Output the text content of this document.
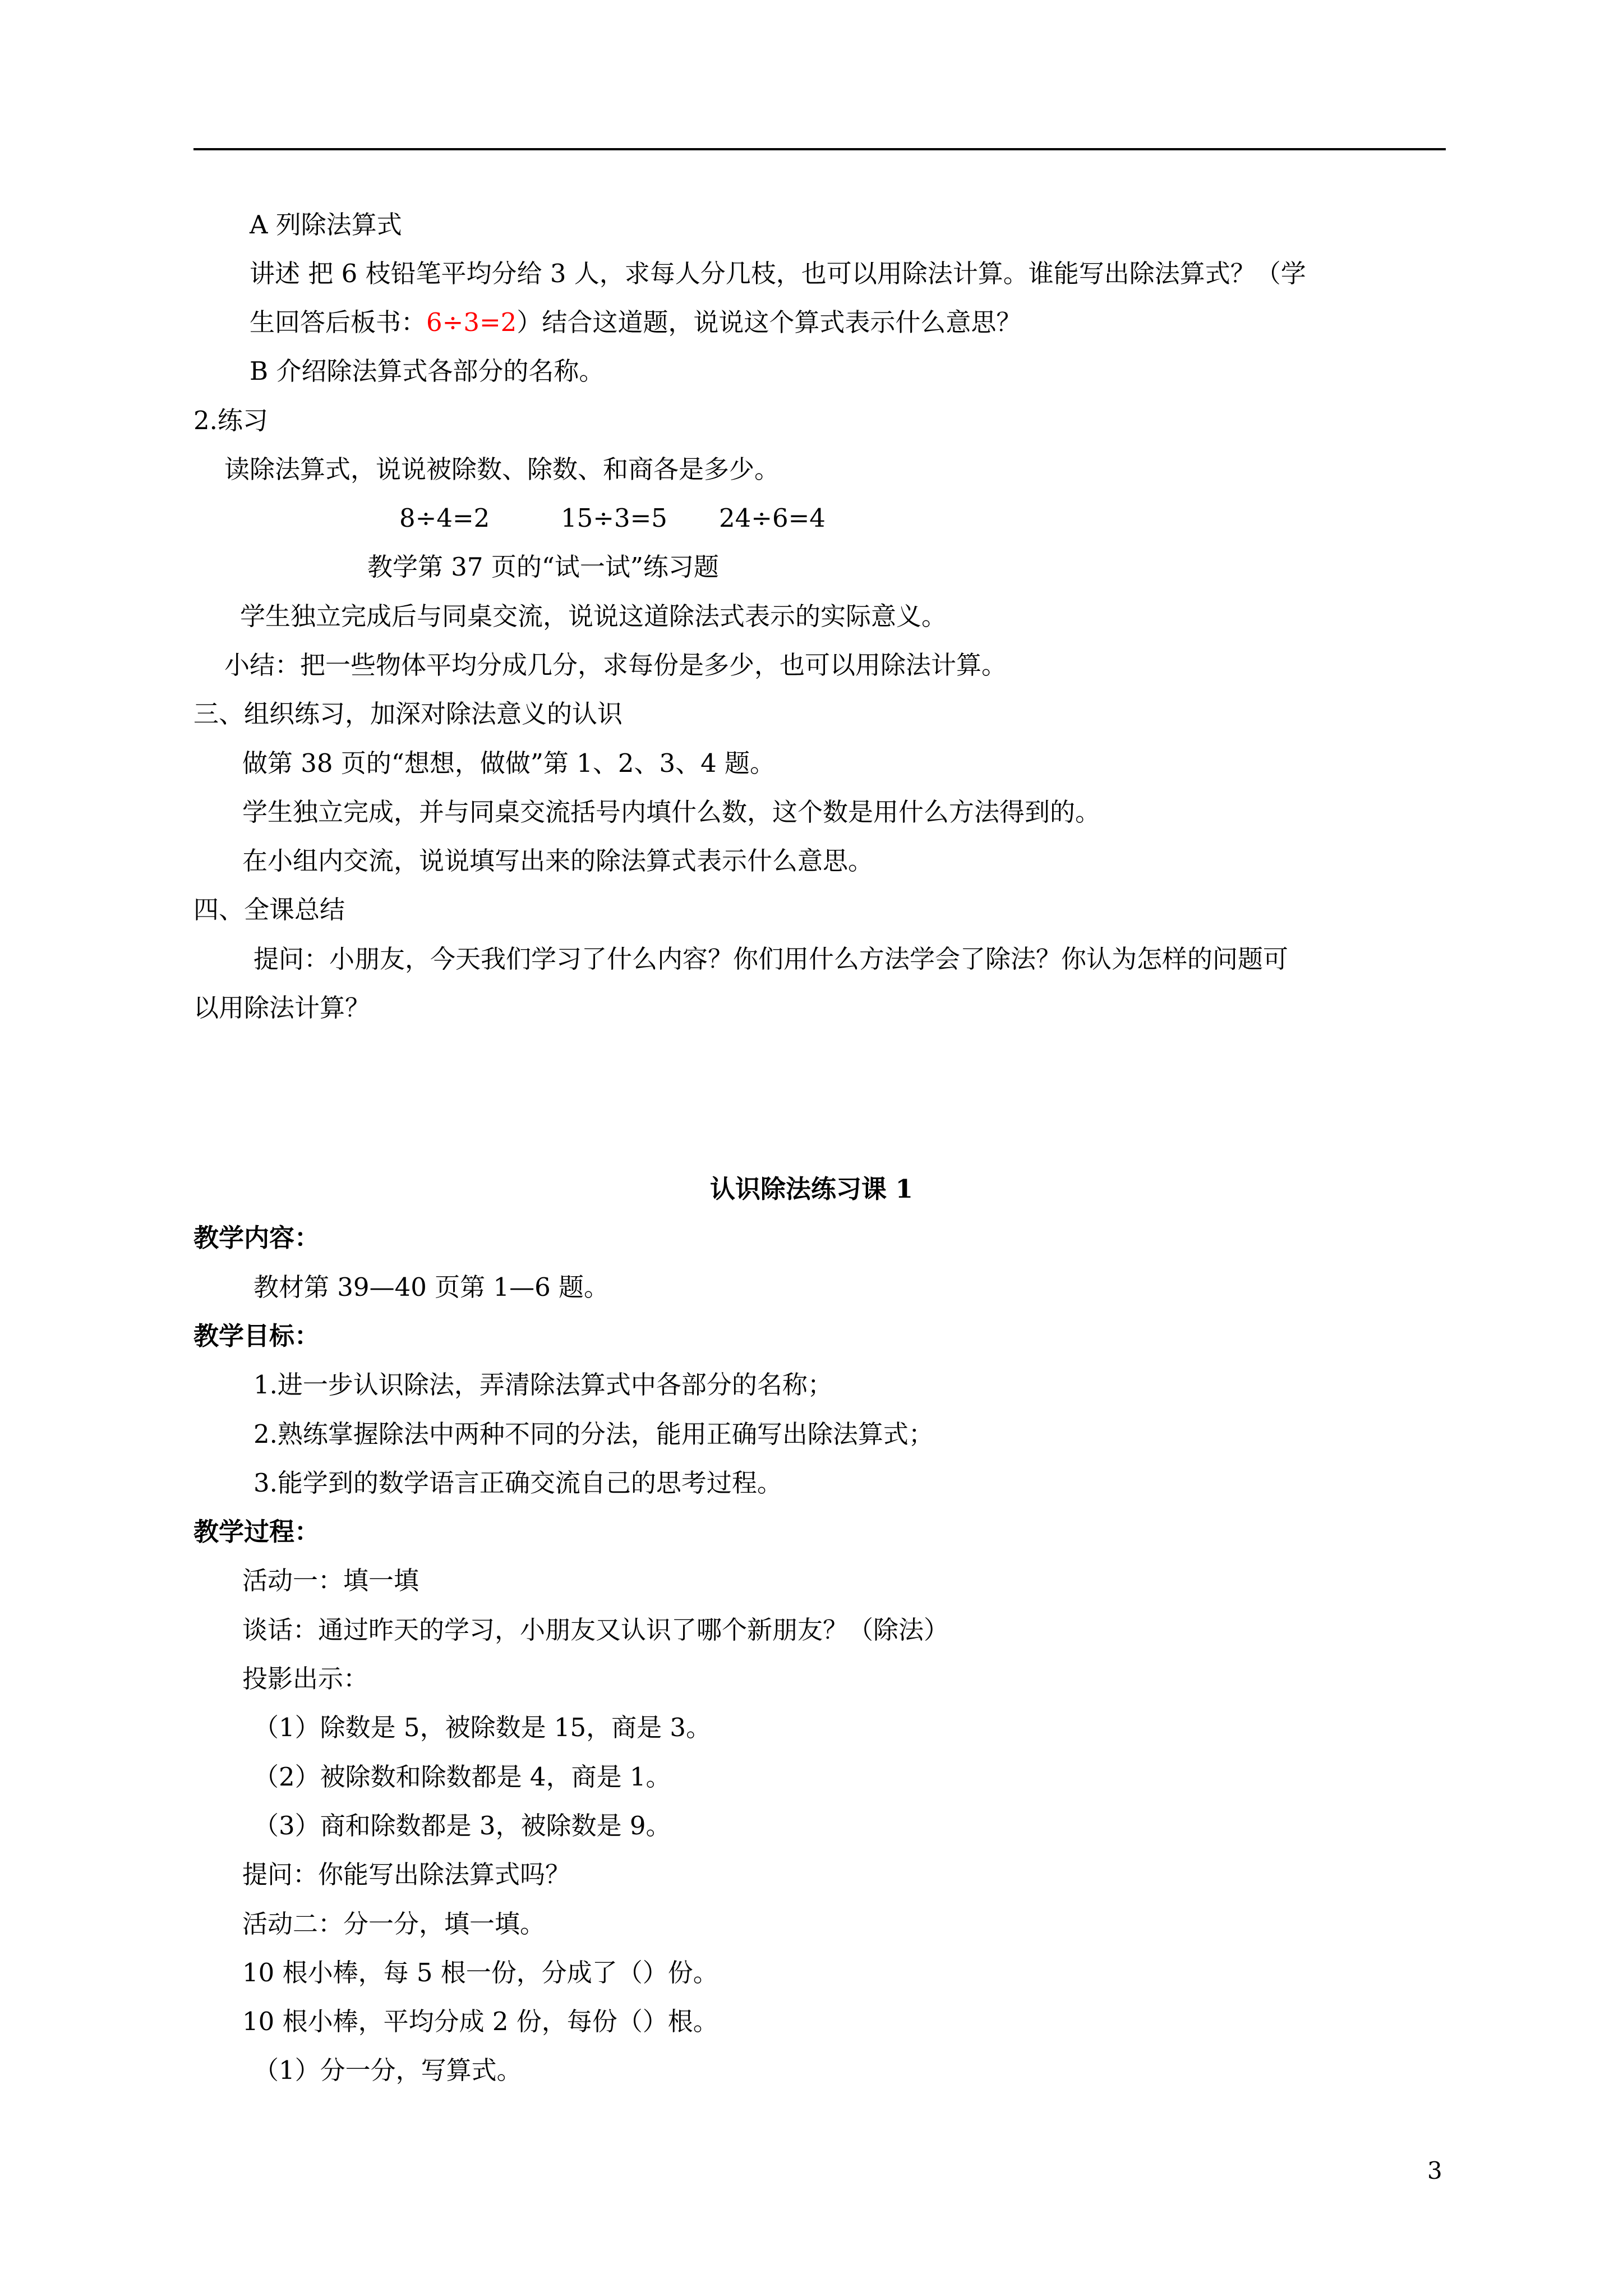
A 列除法算式
讲述 把 6 枝铅笔平均分给 3 人，求每人分几枝，也可以用除法计算。谁能写出除法算式？（学
生回答后板书：6÷3=2）结合这道题，说说这个算式表示什么意思？
B 介绍除法算式各部分的名称。
2.练习
读除法算式，说说被除数、除数、和商各是多少。
8÷4=2	15÷3=5 24÷6=4
教学第 37 页的“试一试”练习题
学生独立完成后与同桌交流，说说这道除法式表示的实际意义。
小结：把一些物体平均分成几分，求每份是多少，也可以用除法计算。
三、组织练习，加深对除法意义的认识
做第 38 页的“想想，做做”第 1、2、3、4 题。
学生独立完成，并与同桌交流括号内填什么数，这个数是用什么方法得到的。
在小组内交流，说说填写出来的除法算式表示什么意思。
四、全课总结
提问：小朋友，今天我们学习了什么内容？你们用什么方法学会了除法？你认为怎样的问题可
以用除法计算？
认识除法练习课 1
教学内容：
教材第 39—40 页第 1—6 题。
教学目标：
1.进一步认识除法，弄清除法算式中各部分的名称；
2.熟练掌握除法中两种不同的分法，能用正确写出除法算式；
3.能学到的数学语言正确交流自己的思考过程。
教学过程：
活动一：填一填
谈话：通过昨天的学习，小朋友又认识了哪个新朋友？（除法）
投影出示：
（1）除数是 5，被除数是 15，商是 3。
（2）被除数和除数都是 4，商是 1。
（3）商和除数都是 3，被除数是 9。
提问：你能写出除法算式吗？
活动二：分一分，填一填。
10 根小棒，每 5 根一份，分成了（）份。
10 根小棒，平均分成 2 份，每份（）根。
（1）分一分，写算式。
3
